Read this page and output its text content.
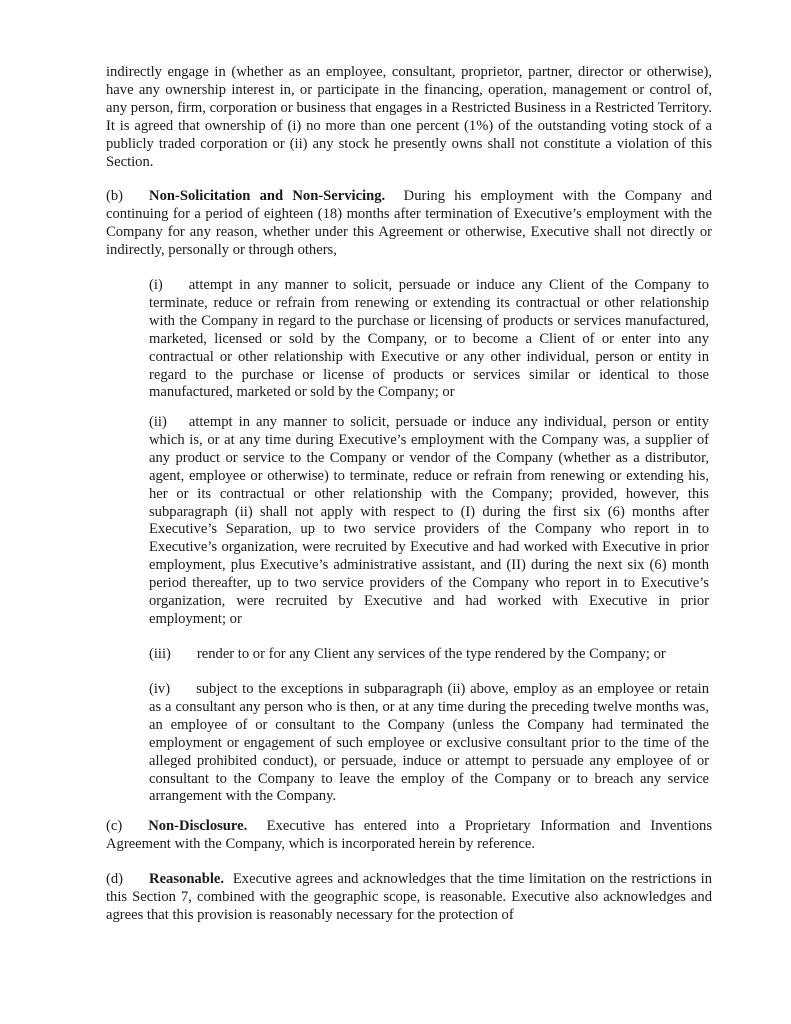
indirectly engage in (whether as an employee, consultant, proprietor, partner, director or otherwise), have any ownership interest in, or participate in the financing, operation, management or control of, any person, firm, corporation or business that engages in a Restricted Business in a Restricted Territory. It is agreed that ownership of (i) no more than one percent (1%) of the outstanding voting stock of a publicly traded corporation or (ii) any stock he presently owns shall not constitute a violation of this Section.

(b) Non-Solicitation and Non-Servicing. During his employment with the Company and continuing for a period of eighteen (18) months after termination of Executive’s employment with the Company for any reason, whether under this Agreement or otherwise, Executive shall not directly or indirectly, personally or through others,

(i) attempt in any manner to solicit, persuade or induce any Client of the Company to terminate, reduce or refrain from renewing or extending its contractual or other relationship with the Company in regard to the purchase or licensing of products or services manufactured, marketed, licensed or sold by the Company, or to become a Client of or enter into any contractual or other relationship with Executive or any other individual, person or entity in regard to the purchase or license of products or services similar or identical to those manufactured, marketed or sold by the Company; or

(ii) attempt in any manner to solicit, persuade or induce any individual, person or entity which is, or at any time during Executive’s employment with the Company was, a supplier of any product or service to the Company or vendor of the Company (whether as a distributor, agent, employee or otherwise) to terminate, reduce or refrain from renewing or extending his, her or its contractual or other relationship with the Company; provided, however, this subparagraph (ii) shall not apply with respect to (I) during the first six (6) months after Executive’s Separation, up to two service providers of the Company who report in to Executive’s organization, were recruited by Executive and had worked with Executive in prior employment, plus Executive’s administrative assistant, and (II) during the next six (6) month period thereafter, up to two service providers of the Company who report in to Executive’s organization, were recruited by Executive and had worked with Executive in prior employment; or

(iii) render to or for any Client any services of the type rendered by the Company; or

(iv) subject to the exceptions in subparagraph (ii) above, employ as an employee or retain as a consultant any person who is then, or at any time during the preceding twelve months was, an employee of or consultant to the Company (unless the Company had terminated the employment or engagement of such employee or exclusive consultant prior to the time of the alleged prohibited conduct), or persuade, induce or attempt to persuade any employee of or consultant to the Company to leave the employ of the Company or to breach any service arrangement with the Company.

(c) Non-Disclosure. Executive has entered into a Proprietary Information and Inventions Agreement with the Company, which is incorporated herein by reference.

(d) Reasonable. Executive agrees and acknowledges that the time limitation on the restrictions in this Section 7, combined with the geographic scope, is reasonable. Executive also acknowledges and agrees that this provision is reasonably necessary for the protection of
